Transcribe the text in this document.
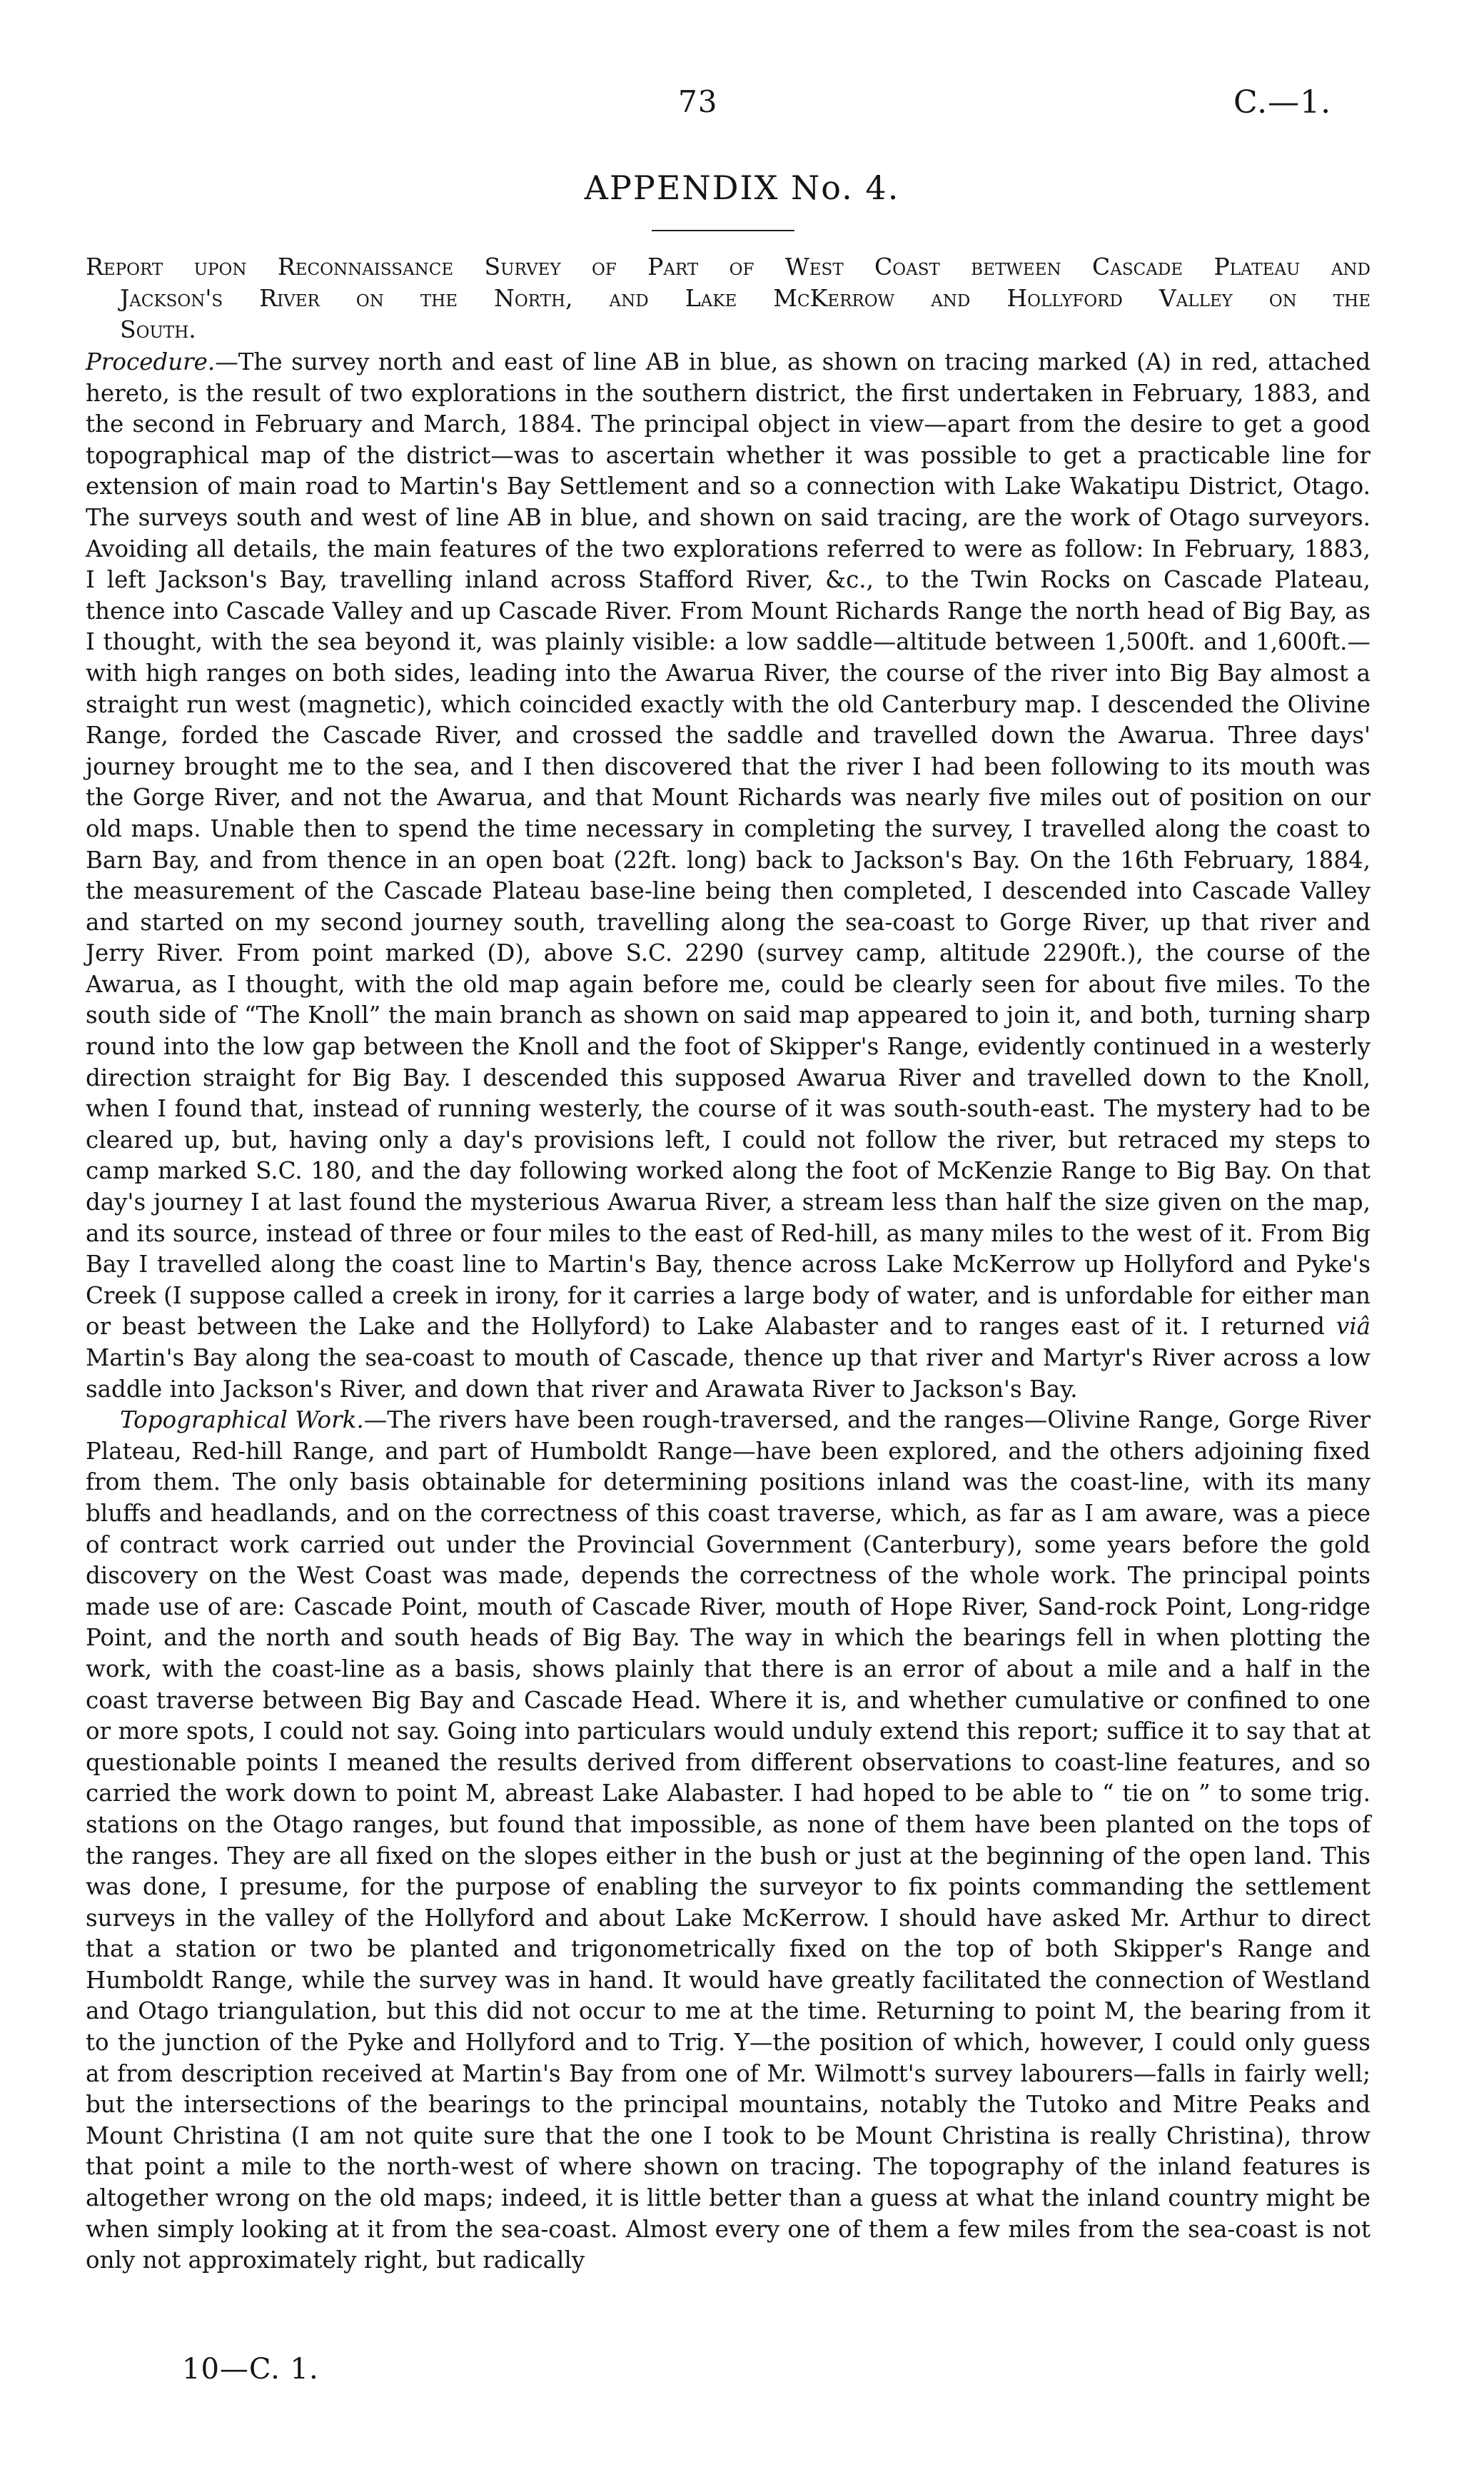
73	C.—1.
APPENDIX No. 4.
Report upon Reconnaissance Survey of Part of West Coast between Cascade Plateau and
Jackson's River on the North, and Lake McKerrow and Hollyford Valley on the
South.

Procedure.—The survey north and east of line AB in blue, as shown on tracing marked (A) in red, attached hereto, is the result of two explorations in the southern district, the first undertaken in February, 1883, and the second in February and March, 1884. The principal object in view—apart from the desire to get a good topographical map of the district—was to ascertain whether it was possible to get a practicable line for extension of main road to Martin's Bay Settlement and so a connection with Lake Wakatipu District, Otago. The surveys south and west of line AB in blue, and shown on said tracing, are the work of Otago surveyors. Avoiding all details, the main features of the two explorations referred to were as follow: In February, 1883, I left Jackson's Bay, travelling inland across Stafford River, &c., to the Twin Rocks on Cascade Plateau, thence into Cascade Valley and up Cascade River. From Mount Richards Range the north head of Big Bay, as I thought, with the sea beyond it, was plainly visible: a low saddle—altitude between 1,500ft. and 1,600ft.—with high ranges on both sides, leading into the Awarua River, the course of the river into Big Bay almost a straight run west (magnetic), which coincided exactly with the old Canterbury map. I descended the Olivine Range, forded the Cascade River, and crossed the saddle and travelled down the Awarua. Three days' journey brought me to the sea, and I then discovered that the river I had been following to its mouth was the Gorge River, and not the Awarua, and that Mount Richards was nearly five miles out of position on our old maps. Unable then to spend the time necessary in completing the survey, I travelled along the coast to Barn Bay, and from thence in an open boat (22ft. long) back to Jackson's Bay. On the 16th February, 1884, the measurement of the Cascade Plateau base-line being then completed, I descended into Cascade Valley and started on my second journey south, travelling along the sea-coast to Gorge River, up that river and Jerry River. From point marked (D), above S.C. 2290 (survey camp, altitude 2290ft.), the course of the Awarua, as I thought, with the old map again before me, could be clearly seen for about five miles. To the south side of “The Knoll” the main branch as shown on said map appeared to join it, and both, turning sharp round into the low gap between the Knoll and the foot of Skipper's Range, evidently continued in a westerly direction straight for Big Bay. I descended this supposed Awarua River and travelled down to the Knoll, when I found that, instead of running westerly, the course of it was south-south-east. The mystery had to be cleared up, but, having only a day's provisions left, I could not follow the river, but retraced my steps to camp marked S.C. 180, and the day following worked along the foot of McKenzie Range to Big Bay. On that day's journey I at last found the mysterious Awarua River, a stream less than half the size given on the map, and its source, instead of three or four miles to the east of Red-hill, as many miles to the west of it. From Big Bay I travelled along the coast line to Martin's Bay, thence across Lake McKerrow up Hollyford and Pyke's Creek (I suppose called a creek in irony, for it carries a large body of water, and is unfordable for either man or beast between the Lake and the Hollyford) to Lake Alabaster and to ranges east of it. I returned viâ Martin's Bay along the sea-coast to mouth of Cascade, thence up that river and Martyr's River across a low saddle into Jackson's River, and down that river and Arawata River to Jackson's Bay.

Topographical Work.—The rivers have been rough-traversed, and the ranges—Olivine Range, Gorge River Plateau, Red-hill Range, and part of Humboldt Range—have been explored, and the others adjoining fixed from them. The only basis obtainable for determining positions inland was the coast-line, with its many bluffs and headlands, and on the correctness of this coast traverse, which, as far as I am aware, was a piece of contract work carried out under the Provincial Government (Canterbury), some years before the gold discovery on the West Coast was made, depends the correctness of the whole work. The principal points made use of are: Cascade Point, mouth of Cascade River, mouth of Hope River, Sand-rock Point, Long-ridge Point, and the north and south heads of Big Bay. The way in which the bearings fell in when plotting the work, with the coast-line as a basis, shows plainly that there is an error of about a mile and a half in the coast traverse between Big Bay and Cascade Head. Where it is, and whether cumulative or confined to one or more spots, I could not say. Going into particulars would unduly extend this report; suffice it to say that at questionable points I meaned the results derived from different observations to coast-line features, and so carried the work down to point M, abreast Lake Alabaster. I had hoped to be able to “ tie on ” to some trig. stations on the Otago ranges, but found that impossible, as none of them have been planted on the tops of the ranges. They are all fixed on the slopes either in the bush or just at the beginning of the open land. This was done, I presume, for the purpose of enabling the surveyor to fix points commanding the settlement surveys in the valley of the Hollyford and about Lake McKerrow. I should have asked Mr. Arthur to direct that a station or two be planted and trigonometrically fixed on the top of both Skipper's Range and Humboldt Range, while the survey was in hand. It would have greatly facilitated the connection of Westland and Otago triangulation, but this did not occur to me at the time. Returning to point M, the bearing from it to the junction of the Pyke and Hollyford and to Trig. Y—the position of which, however, I could only guess at from description received at Martin's Bay from one of Mr. Wilmott's survey labourers—falls in fairly well; but the intersections of the bearings to the principal mountains, notably the Tutoko and Mitre Peaks and Mount Christina (I am not quite sure that the one I took to be Mount Christina is really Christina), throw that point a mile to the north-west of where shown on tracing. The topography of the inland features is altogether wrong on the old maps; indeed, it is little better than a guess at what the inland country might be when simply looking at it from the sea-coast. Almost every one of them a few miles from the sea-coast is not only not approximately right, but radically

10—C. 1.
